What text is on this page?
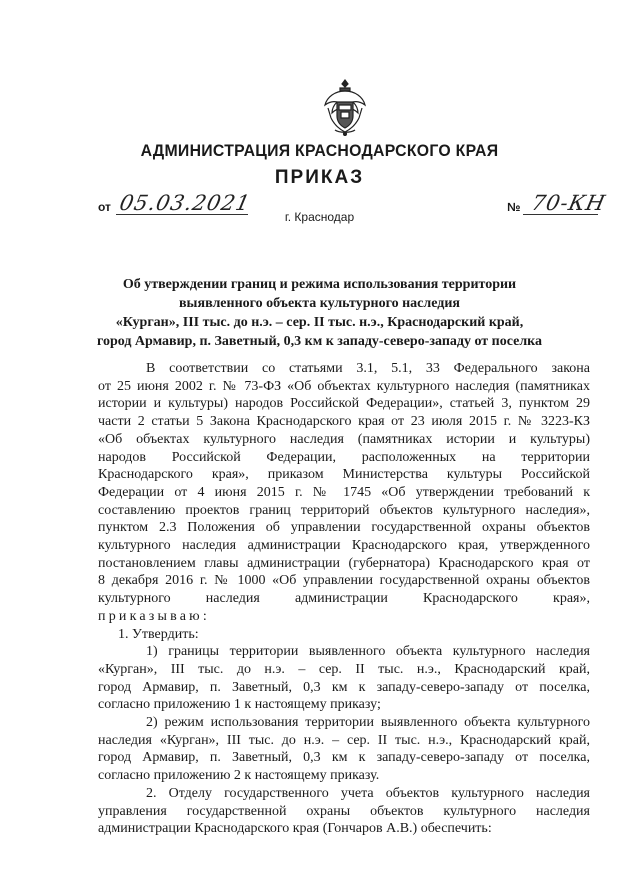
АДМИНИСТРАЦИЯ КРАСНОДАРСКОГО КРАЯ
ПРИКАЗ
от 05.03.2021
г. Краснодар
№ 70-КН
Об утверждении границ и режима использования территории
выявленного объекта культурного наследия
«Курган», III тыс. до н.э. – сер. II тыс. н.э., Краснодарский край,
город Армавир, п. Заветный, 0,3 км к западу-северо-западу от поселка
В соответствии со статьями 3.1, 5.1, 33 Федерального закона
от 25 июня 2002 г. № 73-ФЗ «Об объектах культурного наследия (памятниках
истории и культуры) народов Российской Федерации», статьей 3, пунктом 29
части 2 статьи 5 Закона Краснодарского края от 23 июля 2015 г. № 3223-КЗ
«Об объектах культурного наследия (памятниках истории и культуры)
народов Российской Федерации, расположенных на территории
Краснодарского края», приказом Министерства культуры Российской
Федерации от 4 июня 2015 г. № 1745 «Об утверждении требований к
составлению проектов границ территорий объектов культурного наследия»,
пунктом 2.3 Положения об управлении государственной охраны объектов
культурного наследия администрации Краснодарского края, утвержденного
постановлением главы администрации (губернатора) Краснодарского края от
8 декабря 2016 г. № 1000 «Об управлении государственной охраны объектов
культурного наследия администрации Краснодарского края»,
приказываю:
1. Утвердить:
1) границы территории выявленного объекта культурного наследия
«Курган», III тыс. до н.э. – сер. II тыс. н.э., Краснодарский край,
город Армавир, п. Заветный, 0,3 км к западу-северо-западу от поселка,
согласно приложению 1 к настоящему приказу;
2) режим использования территории выявленного объекта культурного
наследия «Курган», III тыс. до н.э. – сер. II тыс. н.э., Краснодарский край,
город Армавир, п. Заветный, 0,3 км к западу-северо-западу от поселка,
согласно приложению 2 к настоящему приказу.
2. Отделу государственного учета объектов культурного наследия
управления государственной охраны объектов культурного наследия
администрации Краснодарского края (Гончаров А.В.) обеспечить:
